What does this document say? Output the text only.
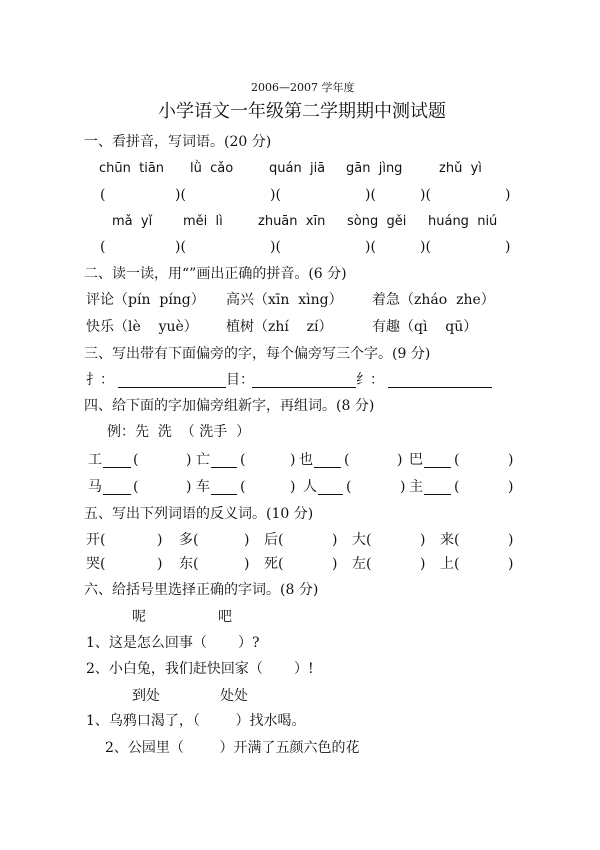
2006—2007 学年度
小学语文一年级第二学期期中测试题
一、看拼音，写词语。(20 分)
chūn  tiān lǜ  cǎo	quán  jiā gān  jìng	zhǔ  yì
(	)(	)(	)(	)(	)
mǎ  yǐ měi  lì	zhuān  xīn sòng  gěi huáng  niú
(	)(	)(	)(	)(	)
二、读一读，用“”画出正确的拼音。(6 分)
评论（pín  píng） 高兴（xīn  xìng） 着急（zháo  zhe）
快乐（lè    yuè） 植树（zhí    zí）	有趣（qì    qū）
三、写出带有下面偏旁的字，每个偏旁写三个字。(9 分)
扌：	目：	纟：
四、给下面的字加偏旁组新字，再组词。(8 分)
例：先  洗  （ 洗手  ）
工 (	) 亡 (	) 也 (	) 巴 (	)
马 (	) 车 (	) 人 (	) 主 (	)
五、写出下列词语的反义词。(10 分)
开(	) 多(	) 后(	) 大(	) 来(	)
哭(	) 东(	) 死(	) 左(	) 上(	)
六、给括号里选择正确的字词。(8 分)
呢	吧
1、这是怎么回事（       ）?
2、小白兔，我们赶快回家（       ）!
到处	处处
1、乌鸦口渴了，（        ）找水喝。
2、公园里（        ）开满了五颜六色的花
